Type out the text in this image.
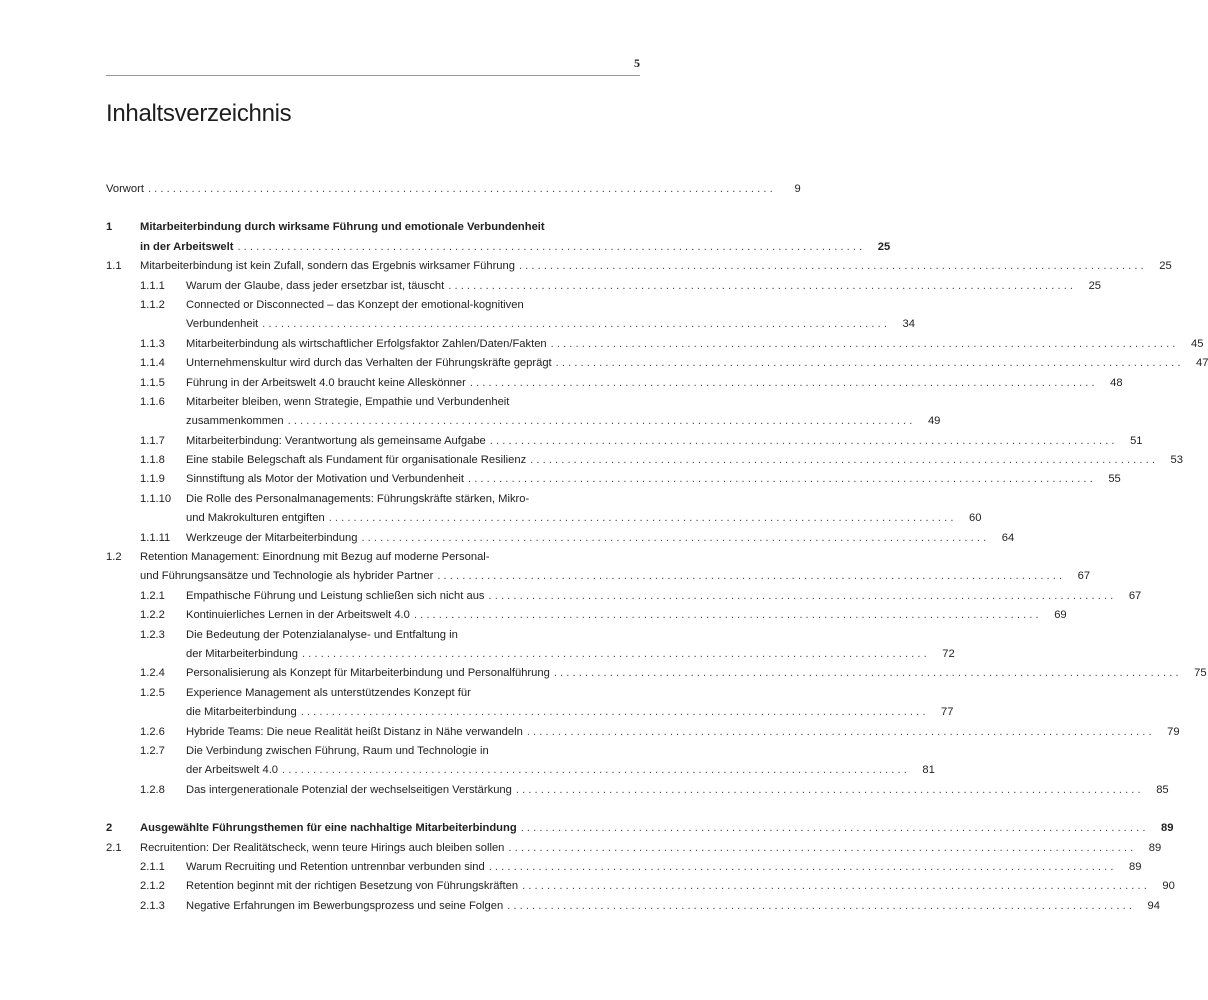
5
Inhaltsverzeichnis
Vorwort . . .	9
1	Mitarbeiterbindung durch wirksame Führung und emotionale Verbundenheit
in der Arbeitswelt . . .	25
1.1	Mitarbeiterbindung ist kein Zufall, sondern das Ergebnis wirksamer Führung . . .	25
1.1.1	Warum der Glaube, dass jeder ersetzbar ist, täuscht . . .	25
1.1.2	Connected or Disconnected – das Konzept der emotional-kognitiven
Verbundenheit . . .	34
1.1.3	Mitarbeiterbindung als wirtschaftlicher Erfolgsfaktor Zahlen/Daten/Fakten . . .	45
1.1.4	Unternehmenskultur wird durch das Verhalten der Führungskräfte geprägt . . .	47
1.1.5	Führung in der Arbeitswelt 4.0 braucht keine Alleskönner . . .	48
1.1.6	Mitarbeiter bleiben, wenn Strategie, Empathie und Verbundenheit
zusammenkommen . . .	49
1.1.7	Mitarbeiterbindung: Verantwortung als gemeinsame Aufgabe . . .	51
1.1.8	Eine stabile Belegschaft als Fundament für organisationale Resilienz . . .	53
1.1.9	Sinnstiftung als Motor der Motivation und Verbundenheit . . .	55
1.1.10	Die Rolle des Personalmanagements: Führungskräfte stärken, Mikro-
und Makrokulturen entgiften . . .	60
1.1.11	Werkzeuge der Mitarbeiterbindung . . .	64
1.2	Retention Management: Einordnung mit Bezug auf moderne Personal-
und Führungsansätze und Technologie als hybrider Partner . . .	67
1.2.1	Empathische Führung und Leistung schließen sich nicht aus . . .	67
1.2.2	Kontinuierliches Lernen in der Arbeitswelt 4.0 . . .	69
1.2.3	Die Bedeutung der Potenzialanalyse- und Entfaltung in
der Mitarbeiterbindung . . .	72
1.2.4	Personalisierung als Konzept für Mitarbeiterbindung und Personalführung . . .	75
1.2.5	Experience Management als unterstützendes Konzept für
die Mitarbeiterbindung . . .	77
1.2.6	Hybride Teams: Die neue Realität heißt Distanz in Nähe verwandeln . . .	79
1.2.7	Die Verbindung zwischen Führung, Raum und Technologie in
der Arbeitswelt 4.0 . . .	81
1.2.8	Das intergenerationale Potenzial der wechselseitigen Verstärkung . . .	85
2	Ausgewählte Führungsthemen für eine nachhaltige Mitarbeiterbindung . . .	89
2.1	Recruitention: Der Realitätscheck, wenn teure Hirings auch bleiben sollen . . .	89
2.1.1	Warum Recruiting und Retention untrennbar verbunden sind . . .	89
2.1.2	Retention beginnt mit der richtigen Besetzung von Führungskräften . . .	90
2.1.3	Negative Erfahrungen im Bewerbungsprozess und seine Folgen . . .	94
